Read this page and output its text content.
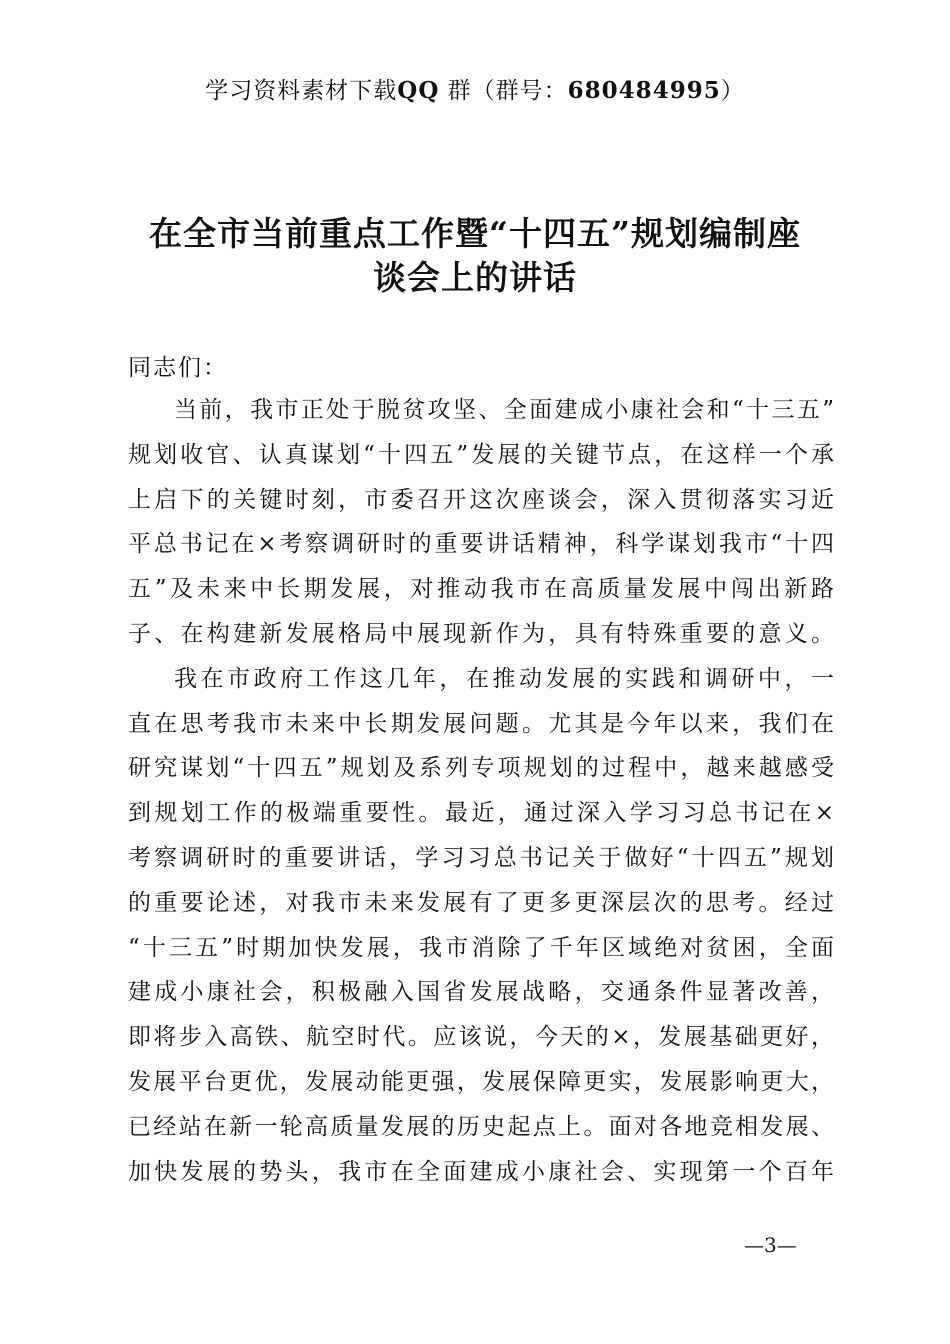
学习资料素材下载QQ 群（群号：680484995）
在全市当前重点工作暨“十四五”规划编制座
谈会上的讲话
同志们：
当前，我市正处于脱贫攻坚、全面建成小康社会和“十三五”
规划收官、认真谋划“十四五”发展的关键节点，在这样一个承
上启下的关键时刻，市委召开这次座谈会，深入贯彻落实习近
平总书记在×考察调研时的重要讲话精神，科学谋划我市“十四
五”及未来中长期发展，对推动我市在高质量发展中闯出新路
子、在构建新发展格局中展现新作为，具有特殊重要的意义。
我在市政府工作这几年，在推动发展的实践和调研中，一
直在思考我市未来中长期发展问题。尤其是今年以来，我们在
研究谋划“十四五”规划及系列专项规划的过程中，越来越感受
到规划工作的极端重要性。最近，通过深入学习习总书记在×
考察调研时的重要讲话，学习习总书记关于做好“十四五”规划
的重要论述，对我市未来发展有了更多更深层次的思考。经过
“十三五”时期加快发展，我市消除了千年区域绝对贫困，全面
建成小康社会，积极融入国省发展战略，交通条件显著改善，
即将步入高铁、航空时代。应该说，今天的×，发展基础更好，
发展平台更优，发展动能更强，发展保障更实，发展影响更大，
已经站在新一轮高质量发展的历史起点上。面对各地竞相发展、
加快发展的势头，我市在全面建成小康社会、实现第一个百年
—3—
